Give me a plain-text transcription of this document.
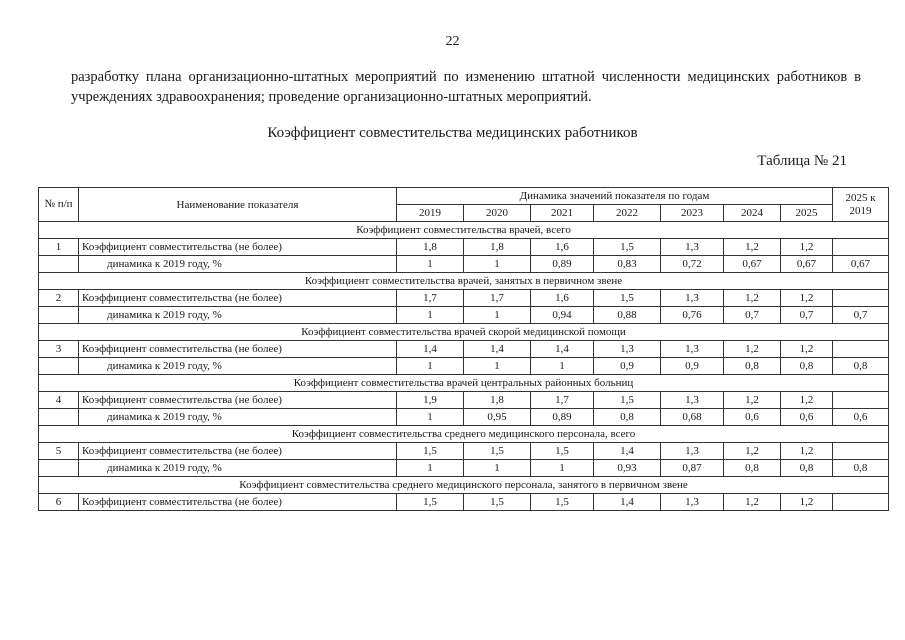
22
разработку плана организационно-штатных мероприятий по изменению штатной численности медицинских работников в учреждениях здравоохранения; проведение организационно-штатных мероприятий.
Коэффициент совместительства медицинских работников
Таблица № 21
№ п/п	Наименование показателя	Динамика значений показателя по годам							2025 к 2019
		2019	2020	2021	2022	2023	2024	2025	
Коэффициент совместительства врачей, всего									
1	Коэффициент совместительства (не более)	1,8	1,8	1,6	1,5	1,3	1,2	1,2	
	динамика к 2019 году, %	1	1	0,89	0,83	0,72	0,67	0,67	0,67
Коэффициент совместительства врачей, занятых в первичном звене									
2	Коэффициент совместительства (не более)	1,7	1,7	1,6	1,5	1,3	1,2	1,2	
	динамика к 2019 году, %	1	1	0,94	0,88	0,76	0,7	0,7	0,7
Коэффициент совместительства врачей скорой медицинской помощи									
3	Коэффициент совместительства (не более)	1,4	1,4	1,4	1,3	1,3	1,2	1,2	
	динамика к 2019 году, %	1	1	1	0,9	0,9	0,8	0,8	0,8
Коэффициент совместительства врачей центральных районных больниц									
4	Коэффициент совместительства (не более)	1,9	1,8	1,7	1,5	1,3	1,2	1,2	
	динамика к 2019 году, %	1	0,95	0,89	0,8	0,68	0,6	0,6	0,6
Коэффициент совместительства среднего медицинского персонала, всего									
5	Коэффициент совместительства (не более)	1,5	1,5	1,5	1,4	1,3	1,2	1,2	
	динамика к 2019 году, %	1	1	1	0,93	0,87	0,8	0,8	0,8
Коэффициент совместительства среднего медицинского персонала, занятого в первичном звене									
6	Коэффициент совместительства (не более)	1,5	1,5	1,5	1,4	1,3	1,2	1,2	
